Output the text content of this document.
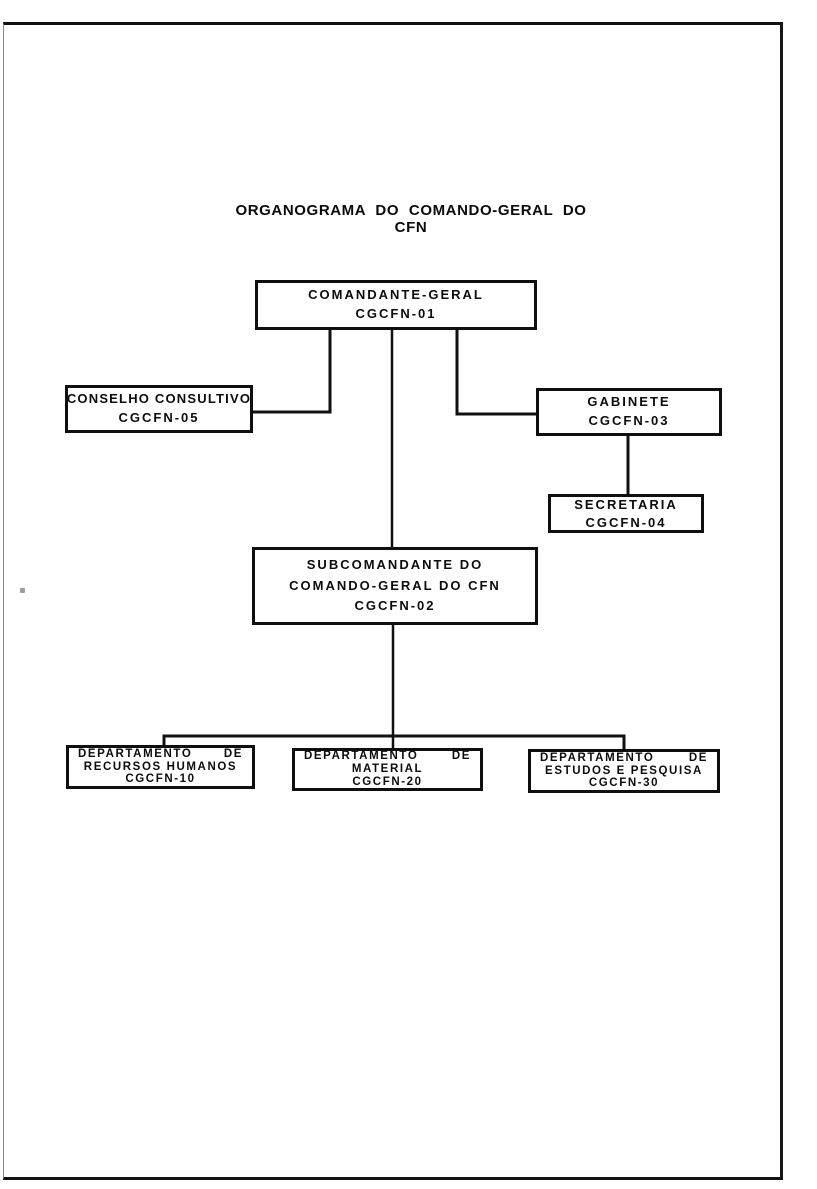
ORGANOGRAMA DO COMANDO-GERAL DO CFN
COMANDANTE-GERAL
CGCFN-01
CONSELHO CONSULTIVO
CGCFN-05
GABINETE
CGCFN-03
SECRETARIA
CGCFN-04
SUBCOMANDANTE DO
COMANDO-GERAL DO CFN
CGCFN-02
DEPARTAMENTO	DE
RECURSOS HUMANOS
CGCFN-10
DEPARTAMENTO	DE
MATERIAL
CGCFN-20
DEPARTAMENTO	DE
ESTUDOS E PESQUISA
CGCFN-30
